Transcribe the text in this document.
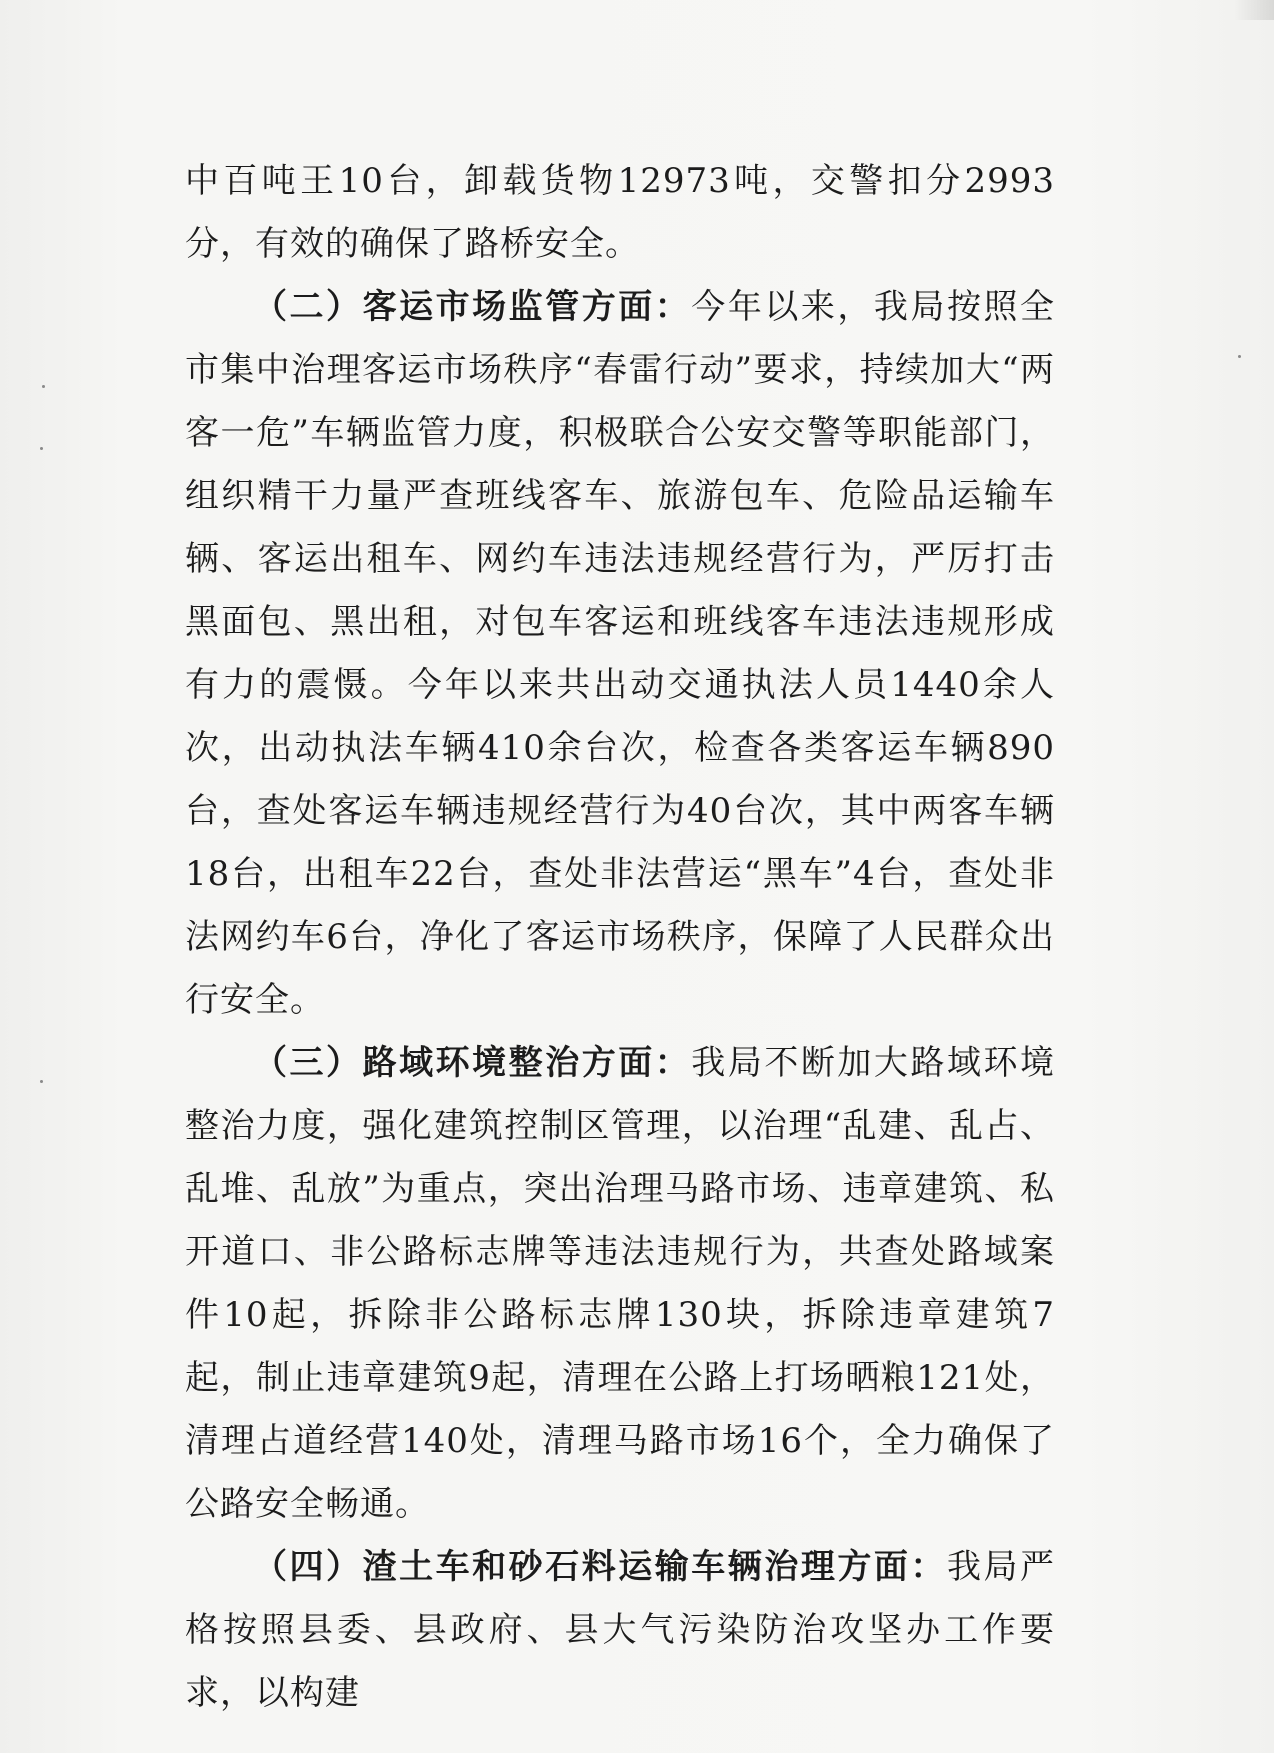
中百吨王10台，卸载货物12973吨，交警扣分2993分，有效的确保了路桥安全。

（二）客运市场监管方面：今年以来，我局按照全市集中治理客运市场秩序“春雷行动”要求，持续加大“两客一危”车辆监管力度，积极联合公安交警等职能部门，组织精干力量严查班线客车、旅游包车、危险品运输车辆、客运出租车、网约车违法违规经营行为，严厉打击黑面包、黑出租，对包车客运和班线客车违法违规形成有力的震慑。今年以来共出动交通执法人员1440余人次，出动执法车辆410余台次，检查各类客运车辆890台，查处客运车辆违规经营行为40台次，其中两客车辆18台，出租车22台，查处非法营运“黑车”4台，查处非法网约车6台，净化了客运市场秩序，保障了人民群众出行安全。

（三）路域环境整治方面：我局不断加大路域环境整治力度，强化建筑控制区管理，以治理“乱建、乱占、乱堆、乱放”为重点，突出治理马路市场、违章建筑、私开道口、非公路标志牌等违法违规行为，共查处路域案件10起，拆除非公路标志牌130块，拆除违章建筑7起，制止违章建筑9起，清理在公路上打场晒粮121处，清理占道经营140处，清理马路市场16个，全力确保了公路安全畅通。

（四）渣土车和砂石料运输车辆治理方面：我局严格按照县委、县政府、县大气污染防治攻坚办工作要求，以构建
